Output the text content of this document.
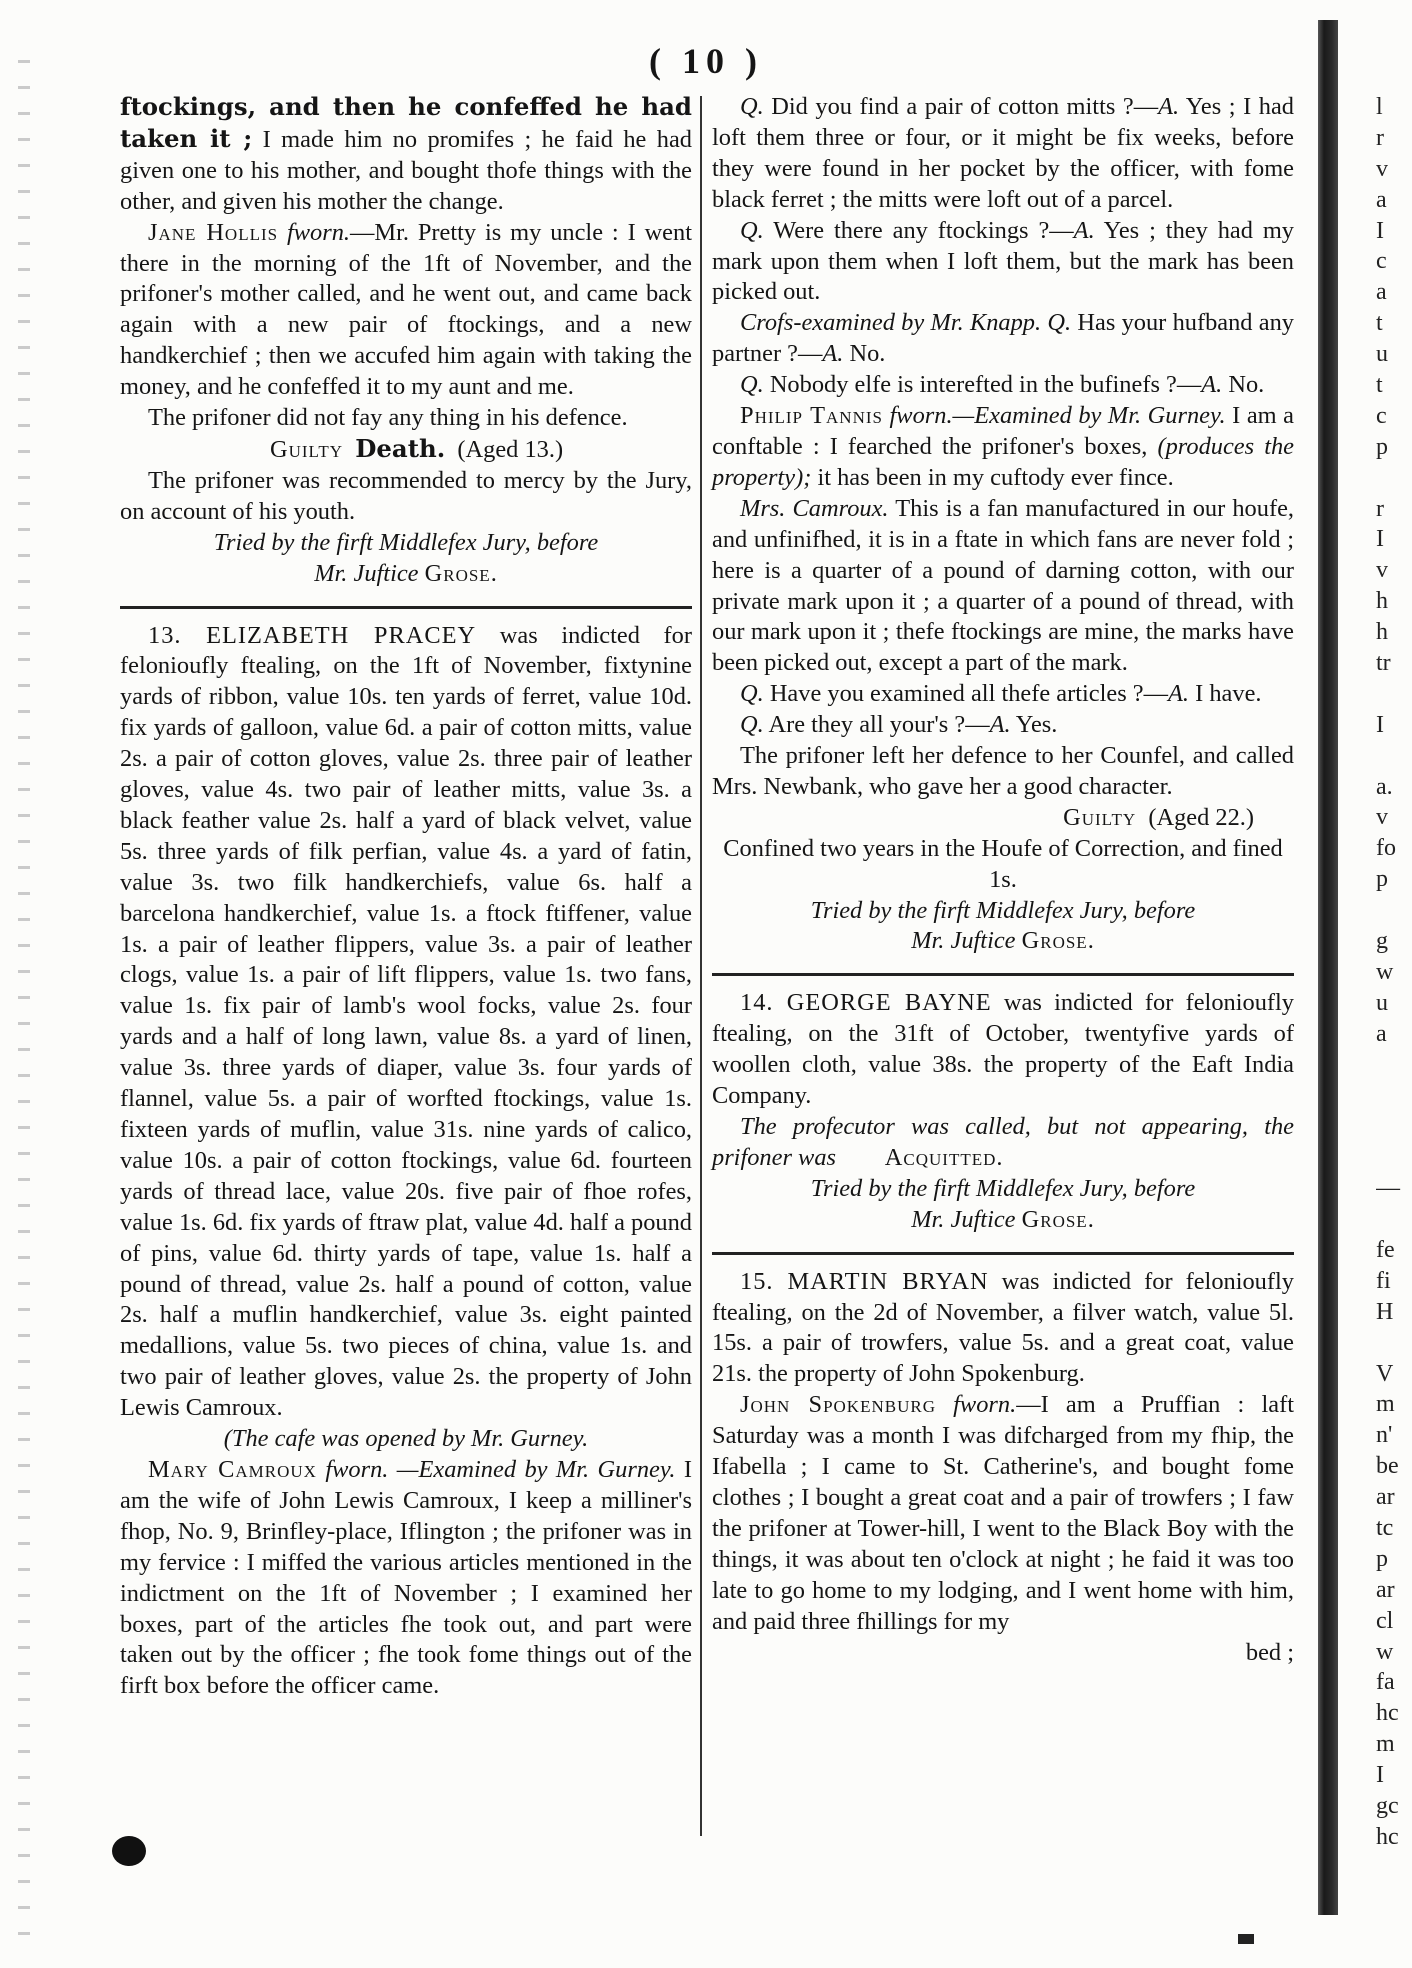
( 10 )

ftockings, and then he confeffed he had taken it ; I made him no promifes ; he faid he had given one to his mother, and bought thofe things with the other, and given his mother the change.

Jane Hollis fworn.—Mr. Pretty is my uncle : I went there in the morning of the 1ft of November, and the prifoner's mother called, and he went out, and came back again with a new pair of ftockings, and a new handkerchief ; then we accufed him again with taking the money, and he confeffed it to my aunt and me.

The prifoner did not fay any thing in his defence.

Guilty Death. (Aged 13.)

The prifoner was recommended to mercy by the Jury, on account of his youth.

Tried by the firft Middlefex Jury, before

Mr. Juftice Grose.

13. ELIZABETH PRACEY was indicted for felonioufly ftealing, on the 1ft of November, fixtynine yards of ribbon, value 10s. ten yards of ferret, value 10d. fix yards of galloon, value 6d. a pair of cotton mitts, value 2s. a pair of cotton gloves, value 2s. three pair of leather gloves, value 4s. two pair of leather mitts, value 3s. a black feather value 2s. half a yard of black velvet, value 5s. three yards of filk perfian, value 4s. a yard of fatin, value 3s. two filk handkerchiefs, value 6s. half a barcelona handkerchief, value 1s. a ftock ftiffener, value 1s. a pair of leather flippers, value 3s. a pair of leather clogs, value 1s. a pair of lift flippers, value 1s. two fans, value 1s. fix pair of lamb's wool focks, value 2s. four yards and a half of long lawn, value 8s. a yard of linen, value 3s. three yards of diaper, value 3s. four yards of flannel, value 5s. a pair of worfted ftockings, value 1s. fixteen yards of muflin, value 31s. nine yards of calico, value 10s. a pair of cotton ftockings, value 6d. fourteen yards of thread lace, value 20s. five pair of fhoe rofes, value 1s. 6d. fix yards of ftraw plat, value 4d. half a pound of pins, value 6d. thirty yards of tape, value 1s. half a pound of thread, value 2s. half a pound of cotton, value 2s. half a muflin handkerchief, value 3s. eight painted medallions, value 5s. two pieces of china, value 1s. and two pair of leather gloves, value 2s. the property of John Lewis Camroux.

(The cafe was opened by Mr. Gurney.

Mary Camroux fworn. —Examined by Mr. Gurney. I am the wife of John Lewis Camroux, I keep a milliner's fhop, No. 9, Brinfley-place, Iflington ; the prifoner was in my fervice : I miffed the various articles mentioned in the indictment on the 1ft of November ; I examined her boxes, part of the articles fhe took out, and part were taken out by the officer ; fhe took fome things out of the firft box before the officer came.

Q. Did you find a pair of cotton mitts ?—A. Yes ; I had loft them three or four, or it might be fix weeks, before they were found in her pocket by the officer, with fome black ferret ; the mitts were loft out of a parcel.

Q. Were there any ftockings ?—A. Yes ; they had my mark upon them when I loft them, but the mark has been picked out.

Crofs-examined by Mr. Knapp. Q. Has your hufband any partner ?—A. No.

Q. Nobody elfe is interefted in the bufinefs ?—A. No.

Philip Tannis fworn.—Examined by Mr. Gurney. I am a conftable : I fearched the prifoner's boxes, (produces the property); it has been in my cuftody ever fince.

Mrs. Camroux. This is a fan manufactured in our houfe, and unfinifhed, it is in a ftate in which fans are never fold ; here is a quarter of a pound of darning cotton, with our private mark upon it ; a quarter of a pound of thread, with our mark upon it ; thefe ftockings are mine, the marks have been picked out, except a part of the mark.

Q. Have you examined all thefe articles ?—A. I have.

Q. Are they all your's ?—A. Yes.

The prifoner left her defence to her Counfel, and called Mrs. Newbank, who gave her a good character.

Guilty (Aged 22.)

Confined two years in the Houfe of Correction, and fined 1s.

Tried by the firft Middlefex Jury, before

Mr. Juftice Grose.

14. GEORGE BAYNE was indicted for felonioufly ftealing, on the 31ft of October, twentyfive yards of woollen cloth, value 38s. the property of the Eaft India Company.

The profecutor was called, but not appearing, the prifoner was Acquitted.

Tried by the firft Middlefex Jury, before

Mr. Juftice Grose.

15. MARTIN BRYAN was indicted for felonioufly ftealing, on the 2d of November, a filver watch, value 5l. 15s. a pair of trowfers, value 5s. and a great coat, value 21s. the property of John Spokenburg.

John Spokenburg fworn.—I am a Pruffian : laft Saturday was a month I was difcharged from my fhip, the Ifabella ; I came to St. Catherine's, and bought fome clothes ; I bought a great coat and a pair of trowfers ; I faw the prifoner at Tower-hill, I went to the Black Boy with the things, it was about ten o'clock at night ; he faid it was too late to go home to my lodging, and I went home with him, and paid three fhillings for my

bed ;

l
r
v
a
I
c
a
t
u
t
c
p
r
I
v
h
h
tr
I
a.
v
fo
p
g
w
u
a
—
fe
fi
H
V
m
n'
be
ar
tc
p
ar
cl
w
fa
hc
m
I
gc
hc
